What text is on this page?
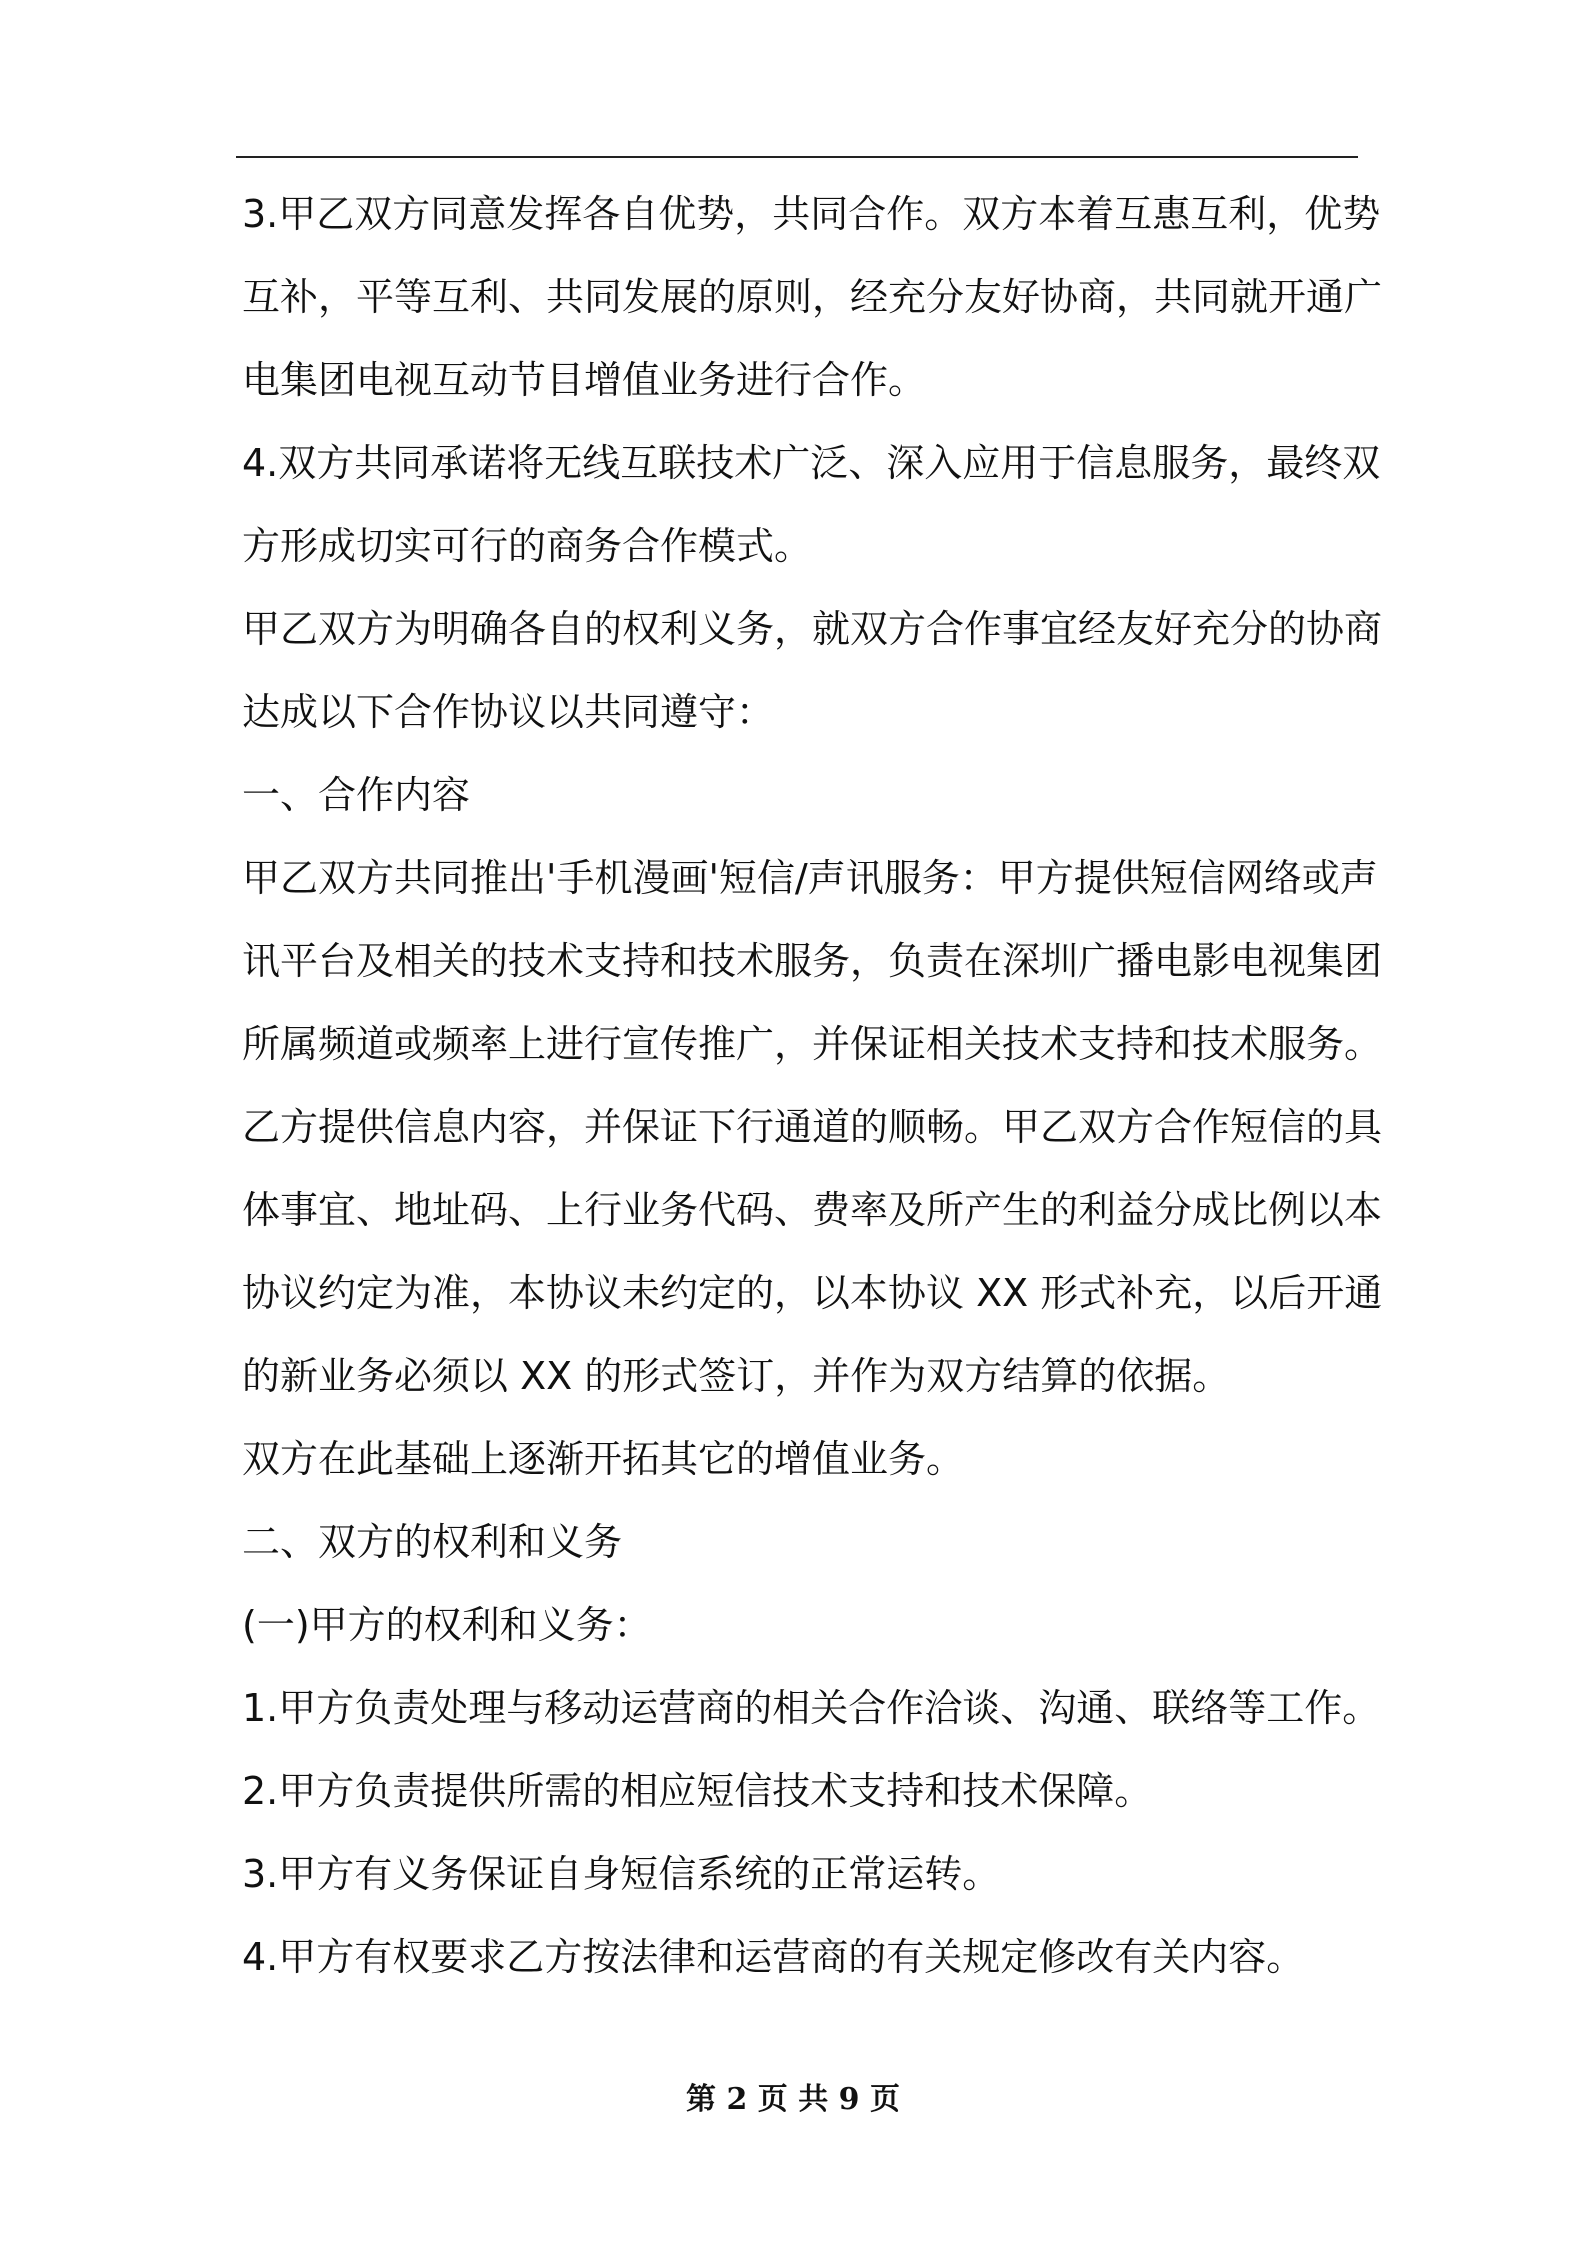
3.甲乙双方同意发挥各自优势，共同合作。双方本着互惠互利，优势
互补，平等互利、共同发展的原则，经充分友好协商，共同就开通广
电集团电视互动节目增值业务进行合作。
4.双方共同承诺将无线互联技术广泛、深入应用于信息服务，最终双
方形成切实可行的商务合作模式。
甲乙双方为明确各自的权利义务，就双方合作事宜经友好充分的协商
达成以下合作协议以共同遵守：
一、合作内容
甲乙双方共同推出'手机漫画'短信/声讯服务：甲方提供短信网络或声
讯平台及相关的技术支持和技术服务，负责在深圳广播电影电视集团
所属频道或频率上进行宣传推广，并保证相关技术支持和技术服务。
乙方提供信息内容，并保证下行通道的顺畅。甲乙双方合作短信的具
体事宜、地址码、上行业务代码、费率及所产生的利益分成比例以本
协议约定为准，本协议未约定的，以本协议 XX 形式补充，以后开通
的新业务必须以 XX 的形式签订，并作为双方结算的依据。
双方在此基础上逐渐开拓其它的增值业务。
二、双方的权利和义务
(一)甲方的权利和义务：
1.甲方负责处理与移动运营商的相关合作洽谈、沟通、联络等工作。
2.甲方负责提供所需的相应短信技术支持和技术保障。
3.甲方有义务保证自身短信系统的正常运转。
4.甲方有权要求乙方按法律和运营商的有关规定修改有关内容。
第 2 页 共 9 页
